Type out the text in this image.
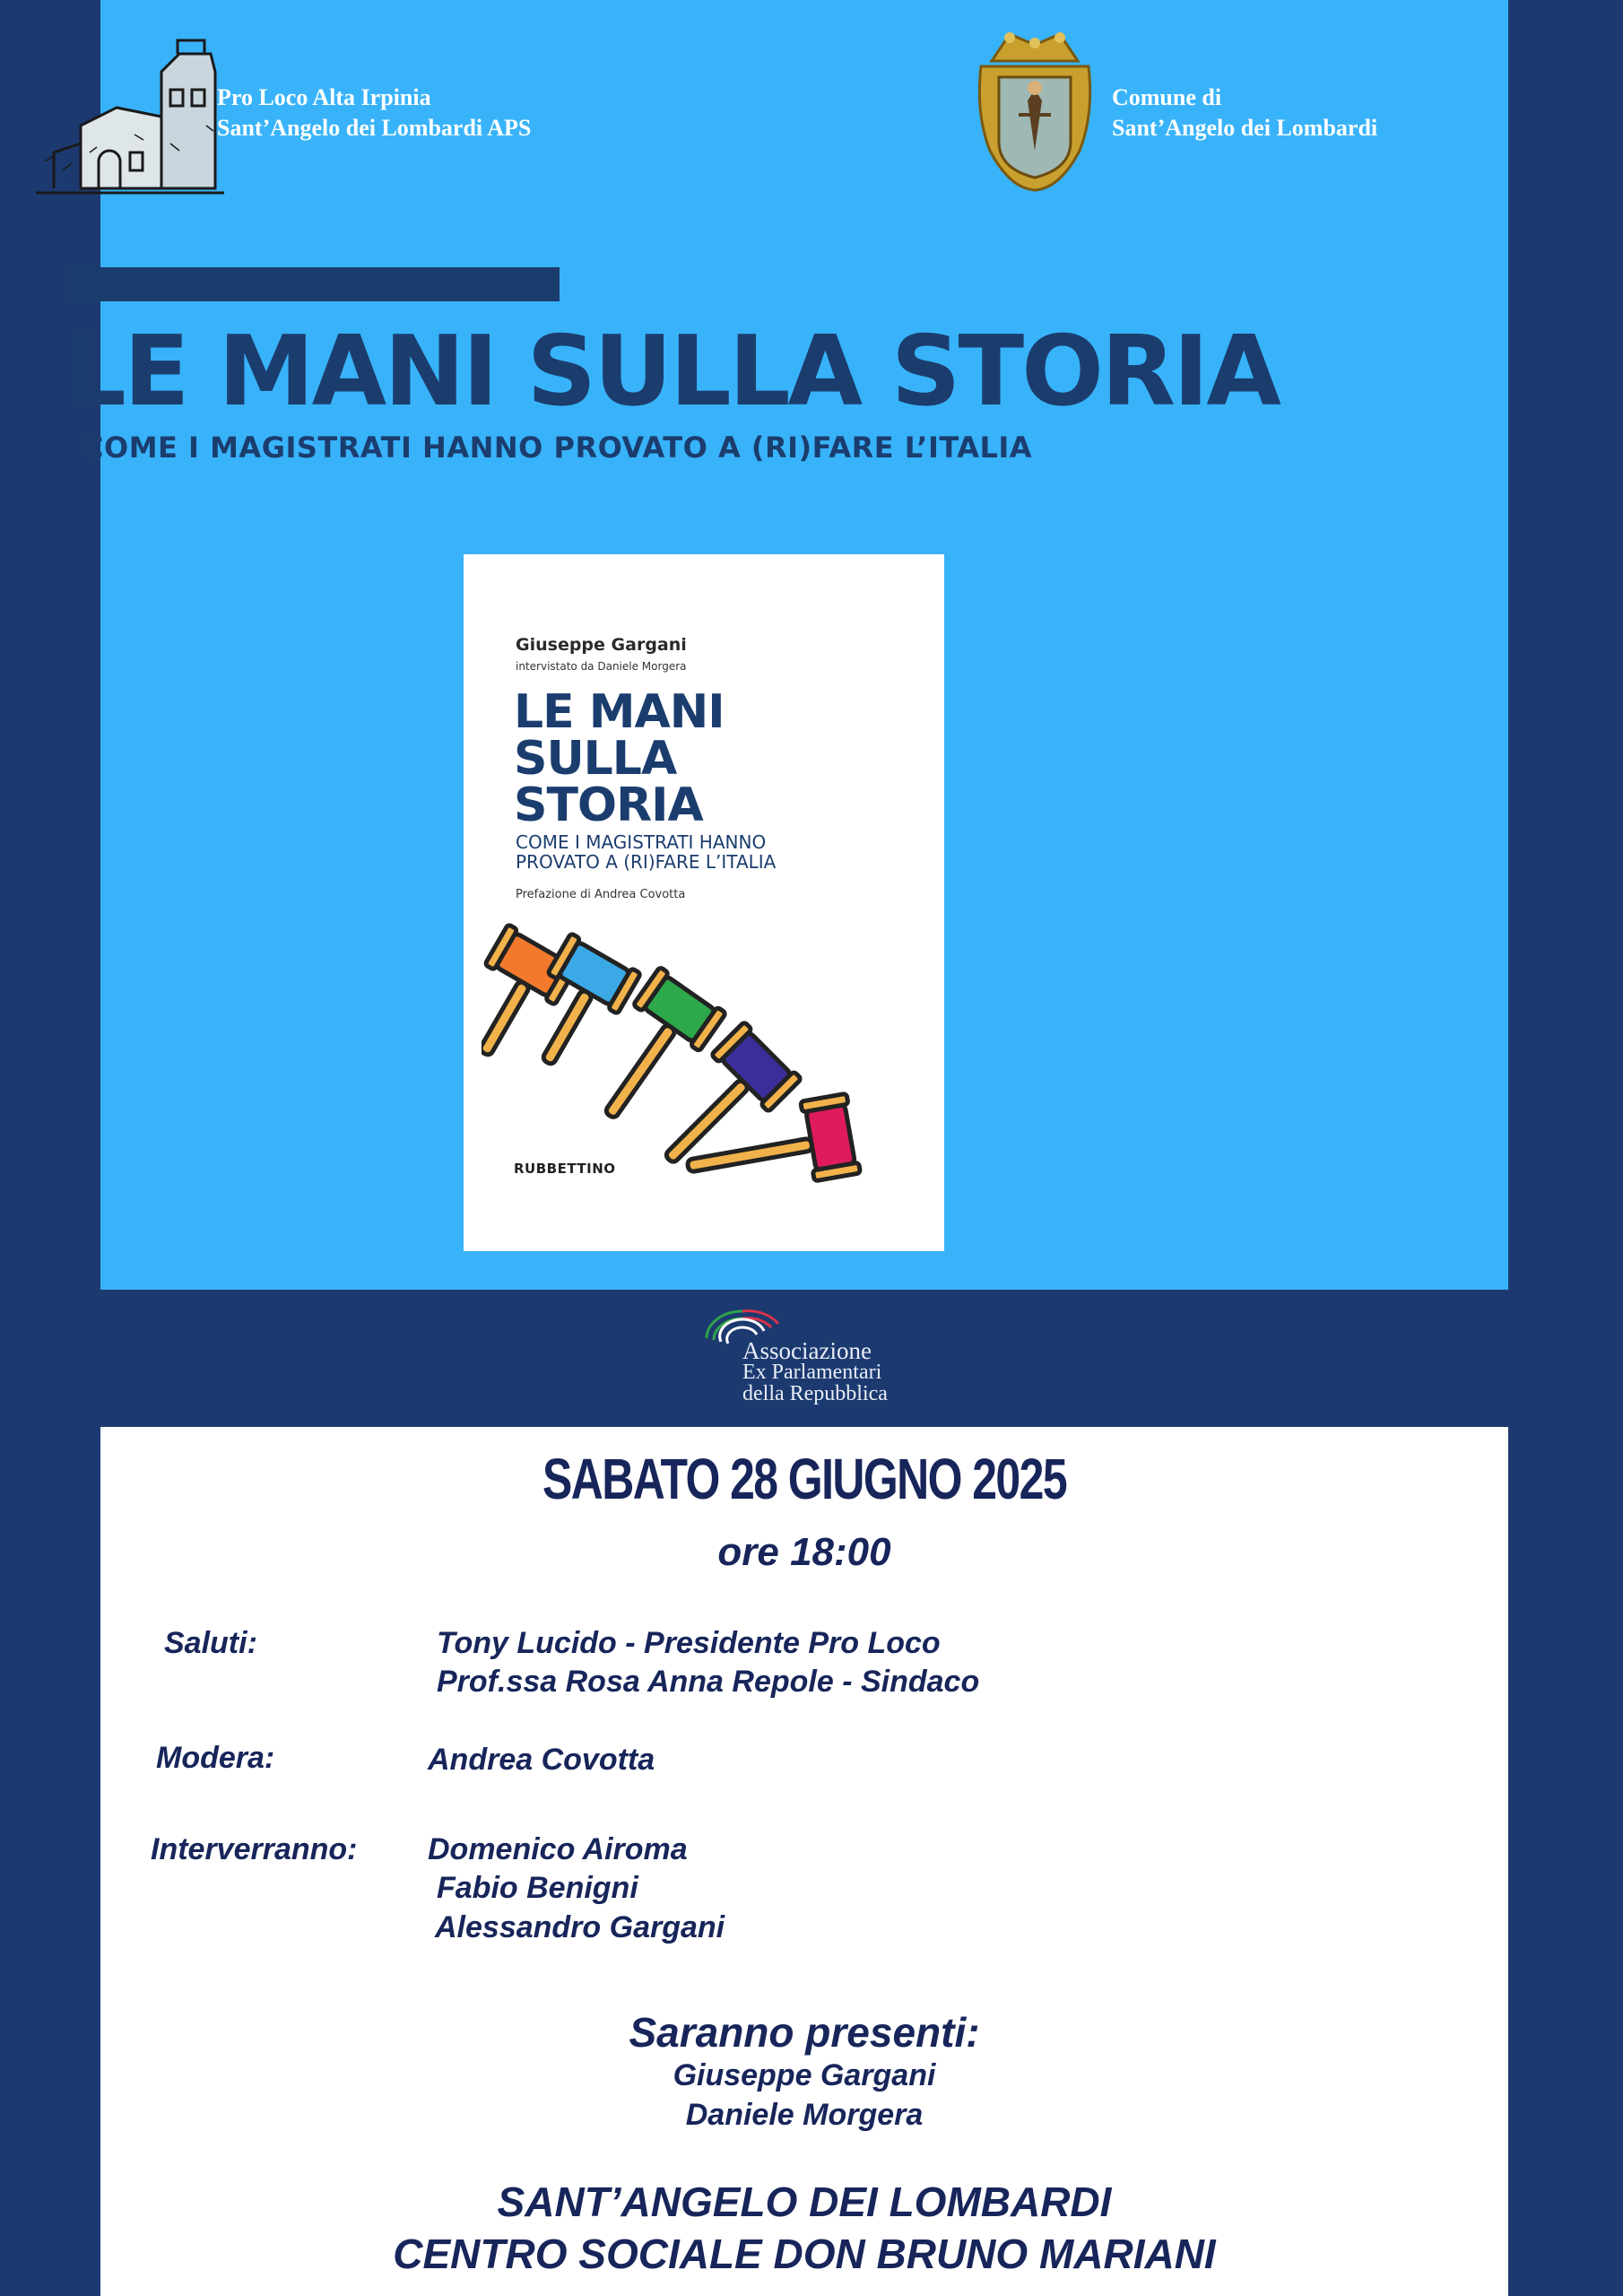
Pro Loco Alta Irpinia
Sant’Angelo dei Lombardi APS
Comune di
Sant’Angelo dei Lombardi
LE MANI SULLA STORIA
COME I MAGISTRATI HANNO PROVATO A (RI)FARE L’ITALIA
Giuseppe Gargani
intervistato da Daniele Morgera
LE MANI
SULLA
STORIA
COME I MAGISTRATI HANNO
PROVATO A (RI)FARE L’ITALIA
Prefazione di Andrea Covotta
RUBBETTINO
Associazione
Ex Parlamentari
della Repubblica
SABATO 28 GIUGNO 2025
ore 18:00
Saluti:	Tony Lucido - Presidente Pro Loco
Prof.ssa Rosa Anna Repole - Sindaco
Modera:	Andrea Covotta
Interverranno: Domenico Airoma
Fabio Benigni
Alessandro Gargani
Saranno presenti:
Giuseppe Gargani
Daniele Morgera
SANT’ANGELO DEI LOMBARDI
CENTRO SOCIALE DON BRUNO MARIANI
